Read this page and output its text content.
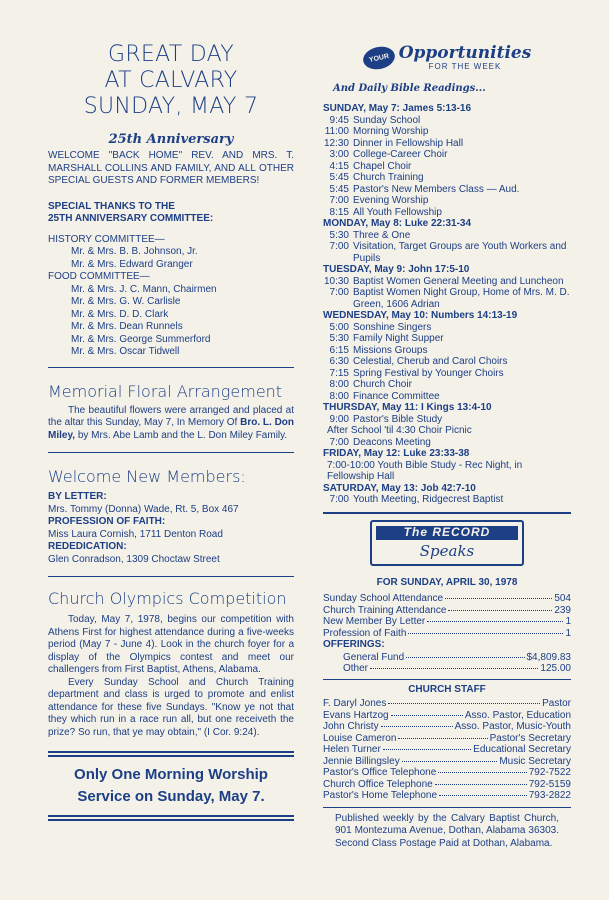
GREAT DAY

AT CALVARY

SUNDAY, MAY 7

25th Anniversary

WELCOME "BACK HOME" REV. AND MRS. T. MARSHALL COLLINS AND FAMILY, AND ALL OTHER SPECIAL GUESTS AND FORMER MEMBERS!

SPECIAL THANKS TO THE

25TH ANNIVERSARY COMMITTEE:

HISTORY COMMITTEE—

Mr. & Mrs. B. B. Johnson, Jr.

Mr. & Mrs. Edward Granger

FOOD COMMITTEE—

Mr. & Mrs. J. C. Mann, Chairmen

Mr. & Mrs. G. W. Carlisle

Mr. & Mrs. D. D. Clark

Mr. & Mrs. Dean Runnels

Mr. & Mrs. George Summerford

Mr. & Mrs. Oscar Tidwell

Memorial Floral Arrangement

The beautiful flowers were arranged and placed at the altar this Sunday, May 7, In Memory Of Bro. L. Don Miley, by Mrs. Abe Lamb and the L. Don Miley Family.

Welcome New Members:

BY LETTER:

Mrs. Tommy (Donna) Wade, Rt. 5, Box 467

PROFESSION OF FAITH:

Miss Laura Cornish, 1711 Denton Road

REDEDICATION:

Glen Conradson, 1309 Choctaw Street

Church Olympics Competition

Today, May 7, 1978, begins our competition with Athens First for highest attendance during a five-weeks period (May 7 - June 4). Look in the church foyer for a display of the Olympics contest and meet our challengers from First Baptist, Athens, Alabama.

Every Sunday School and Church Training department and class is urged to promote and enlist attendance for these five Sundays. "Know ye not that they which run in a race run all, but one receiveth the prize? So run, that ye may obtain," (I Cor. 9:24).

Only One Morning Worship
Service on Sunday, May 7.
YOUR Opportunities
FOR THE WEEK

And Daily Bible Readings...

SUNDAY, May 7: James 5:13-16
9:45 Sunday School
11:00 Morning Worship
12:30 Dinner in Fellowship Hall
3:00 College-Career Choir
4:15 Chapel Choir
5:45 Church Training
5:45 Pastor's New Members Class — Aud.
7:00 Evening Worship
8:15 All Youth Fellowship
MONDAY, May 8: Luke 22:31-34
5:30 Three & One
7:00 Visitation, Target Groups are Youth Workers and Pupils
TUESDAY, May 9: John 17:5-10
10:30 Baptist Women General Meeting and Luncheon
7:00 Baptist Women Night Group, Home of Mrs. M. D. Green, 1606 Adrian
WEDNESDAY, May 10: Numbers 14:13-19
5:00 Sonshine Singers
5:30 Family Night Supper
6:15 Missions Groups
6:30 Celestial, Cherub and Carol Choirs
7:15 Spring Festival by Younger Choirs
8:00 Church Choir
8:00 Finance Committee
THURSDAY, May 11: I Kings 13:4-10
9:00 Pastor's Bible Study
After School 'til 4:30 Choir Picnic
7:00 Deacons Meeting
FRIDAY, May 12: Luke 23:33-38
7:00-10:00 Youth Bible Study - Rec Night, in Fellowship Hall
SATURDAY, May 13: Job 42:7-10
7:00 Youth Meeting, Ridgecrest Baptist
The RECORD
Speaks

FOR SUNDAY, APRIL 30, 1978

Sunday School Attendance	504
Church Training Attendance	239
New Member By Letter	1
Profession of Faith	1

OFFERINGS:

General Fund	$4,809.83
Other	125.00

CHURCH STAFF

F. Daryl Jones	Pastor
Evans Hartzog	Asso. Pastor, Education
John Christy	Asso. Pastor, Music-Youth
Louise Cameron	Pastor's Secretary
Helen Turner	Educational Secretary
Jennie Billingsley	Music Secretary
Pastor's Office Telephone	792-7522
Church Office Telephone	792-5159
Pastor's Home Telephone	793-2822

Published weekly by the Calvary Baptist Church, 901 Montezuma Avenue, Dothan, Alabama 36303. Second Class Postage Paid at Dothan, Alabama.
